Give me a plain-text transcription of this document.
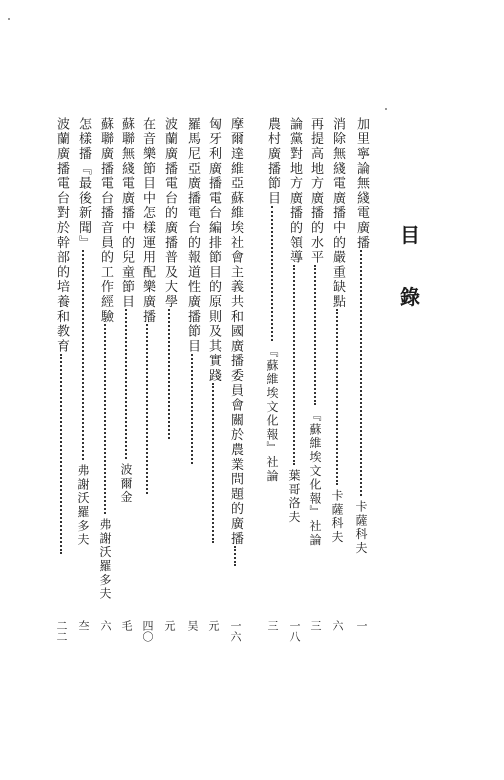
目
錄
加里寧論無綫電廣播
卡薩科夫
一
消除無綫電廣播中的嚴重缺點
卡薩科夫
六
再提高地方廣播的水平
『蘇維埃文化報』社論
三
論黨對地方廣播的領導
葉哥洛夫
一八
農村廣播節目
『蘇維埃文化報』社論
三
摩爾達維亞蘇維埃社會主義共和國廣播委員會關於農業問題的廣播
一六
匈牙利廣播電台編排節目的原則及其實踐
元
羅馬尼亞廣播電台的報道性廣播節目
吴
波蘭廣播電台的廣播普及大學
元
在音樂節目中怎樣運用配樂廣播
四〇
蘇聯無綫電廣播中的兒童節目
波爾金
毛
蘇聯廣播電台播音員的工作經驗
弗謝沃羅多夫
六
怎樣播『最後新聞』
弗謝沃羅多夫
夳
波蘭廣播電台對於幹部的培養和教育
二二
